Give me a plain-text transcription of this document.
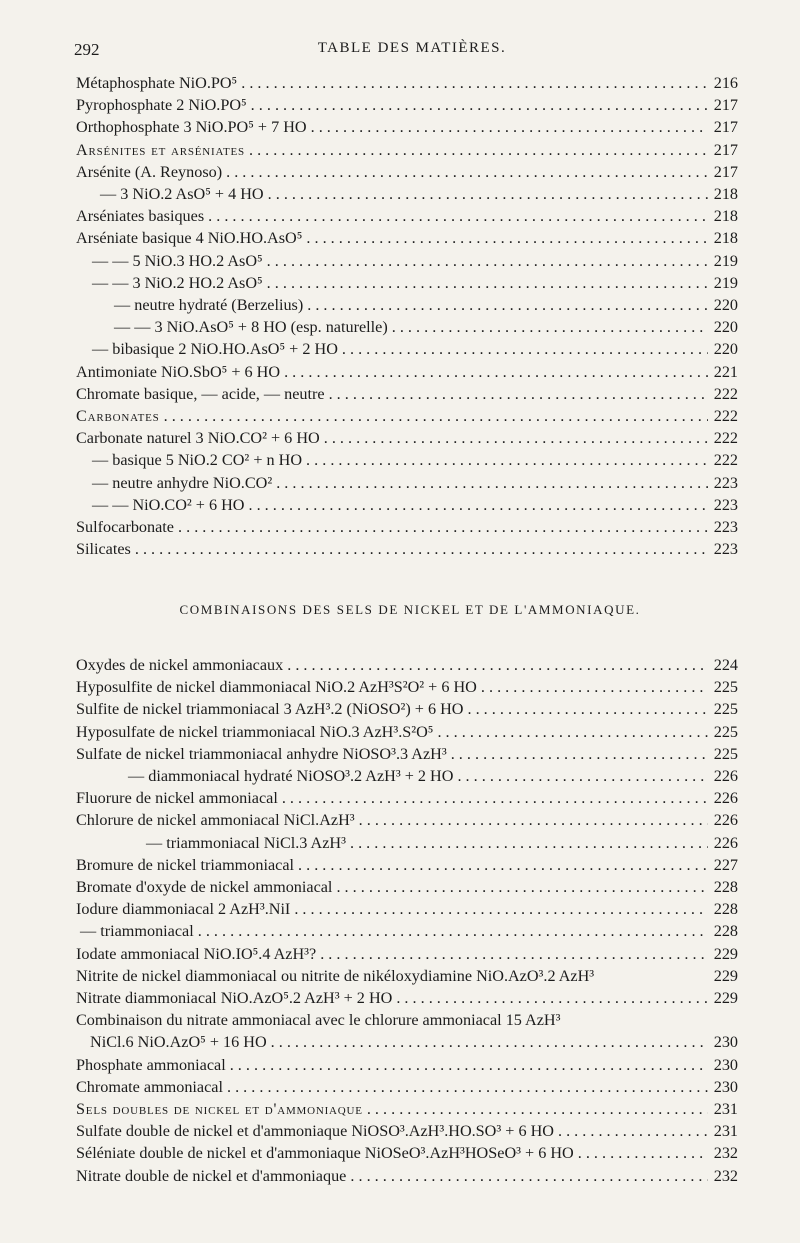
292	TABLE DES MATIÈRES.
Métaphosphate NiO.PO⁵ . . .	216
Pyrophosphate 2 NiO.PO⁵ . . .	217
Orthophosphate 3 NiO.PO⁵ + 7 HO . . .	217
Arsénites et arséniates . . .	217
Arsénite (A. Reynoso) . . .	217
— 3 NiO.2 AsO⁵ + 4 HO . . .	218
Arséniates basiques . . .	218
Arséniate basique 4 NiO.HO.AsO⁵ . . .	218
— — 5 NiO.3 HO.2 AsO⁵ . . .	219
— — 3 NiO.2 HO.2 AsO⁵ . . .	219
— neutre hydraté (Berzelius) . . .	220
— — 3 NiO.AsO⁵ + 8 HO (esp. naturelle) . . .	220
— bibasique 2 NiO.HO.AsO⁵ + 2 HO . . .	220
Antimoniate NiO.SbO⁵ + 6 HO . . .	221
Chromate basique, — acide, — neutre . . .	222
Carbonates . . .	222
Carbonate naturel 3 NiO.CO² + 6 HO . . .	222
— basique 5 NiO.2 CO² + n HO . . .	222
— neutre anhydre NiO.CO² . . .	223
— — NiO.CO² + 6 HO . . .	223
Sulfocarbonate . . .	223
Silicates . . .	223
COMBINAISONS DES SELS DE NICKEL ET DE L'AMMONIAQUE.
Oxydes de nickel ammoniacaux . . .	224
Hyposulfite de nickel diammoniacal NiO.2 AzH³S²O² + 6 HO . . .	225
Sulfite de nickel triammoniacal 3 AzH³.2 (NiOSO²) + 6 HO . . .	225
Hyposulfate de nickel triammoniacal NiO.3 AzH³.S²O⁵ . . .	225
Sulfate de nickel triammoniacal anhydre NiOSO³.3 AzH³ . . .	225
— diammoniacal hydraté NiOSO³.2 AzH³ + 2 HO . . .	226
Fluorure de nickel ammoniacal . . .	226
Chlorure de nickel ammoniacal NiCl.AzH³ . . .	226
— triammoniacal NiCl.3 AzH³ . . .	226
Bromure de nickel triammoniacal . . .	227
Bromate d'oxyde de nickel ammoniacal . . .	228
Iodure diammoniacal 2 AzH³.NiI . . .	228
— triammoniacal . . .	228
Iodate ammoniacal NiO.IO⁵.4 AzH³? . . .	229
Nitrite de nickel diammoniacal ou nitrite de nikéloxydiamine NiO.AzO³.2 AzH³	229
Nitrate diammoniacal NiO.AzO⁵.2 AzH³ + 2 HO . . .	229
Combinaison du nitrate ammoniacal avec le chlorure ammoniacal 15 AzH³
NiCl.6 NiO.AzO⁵ + 16 HO . . .	230
Phosphate ammoniacal . . .	230
Chromate ammoniacal . . .	230
Sels doubles de nickel et d'ammoniaque . . .	231
Sulfate double de nickel et d'ammoniaque NiOSO³.AzH³.HO.SO³ + 6 HO . . .	231
Séléniate double de nickel et d'ammoniaque NiOSeO³.AzH³HOSeO³ + 6 HO . . .	232
Nitrate double de nickel et d'ammoniaque . . .	232
